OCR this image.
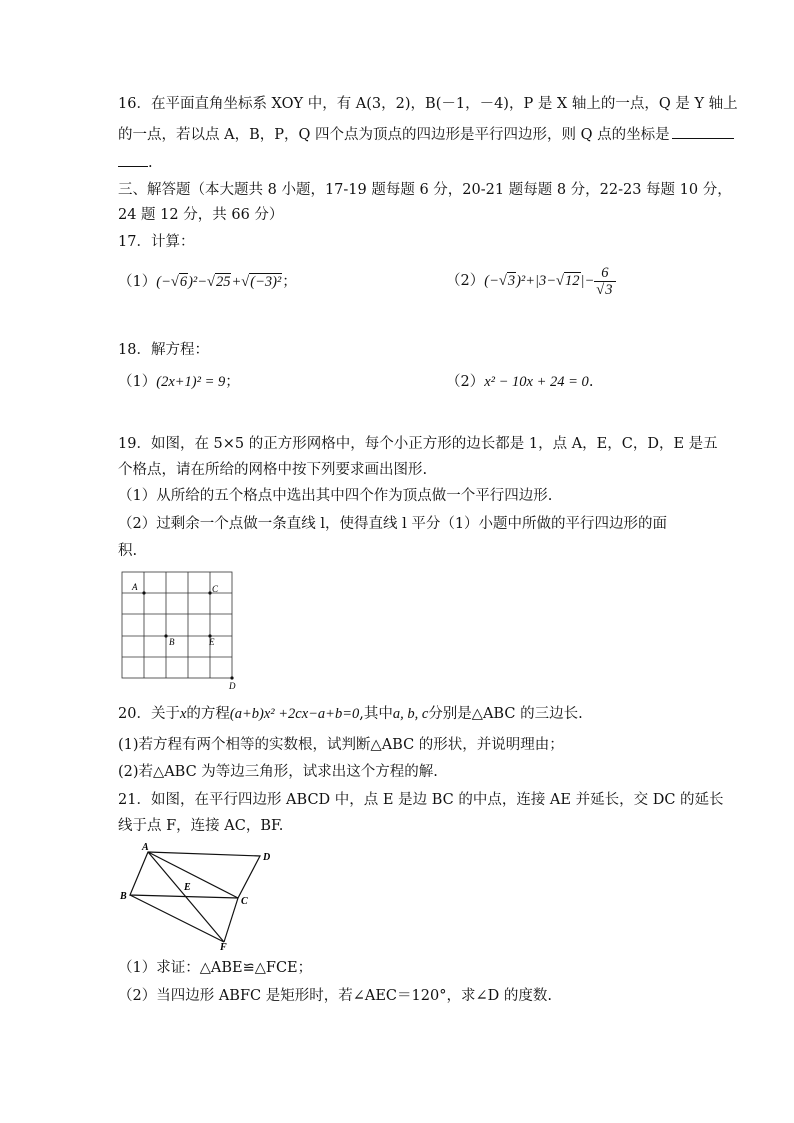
16．在平面直角坐标系 XOY 中，有 A(3，2)，B(－1，－4)，P 是 X 轴上的一点，Q 是 Y 轴上
的一点，若以点 A，B，P，Q 四个点为顶点的四边形是平行四边形，则 Q 点的坐标是
.
三、解答题（本大题共 8 小题，17-19 题每题 6 分，20-21 题每题 8 分，22-23 每题 10 分，
24 题 12 分，共 66 分）
17．计算：
（1）(−√6)²−√25+√(−3)²；	$(2)(-√3)^2+|3-√12|- \frac{6}{√3}$
18．解方程：
（1）(2x+1)² = 9；	（2）x² − 10x + 24 = 0.
19．如图，在 5×5 的正方形网格中，每个小正方形的边长都是 1，点 A，E，C，D，E 是五
个格点，请在所给的网格中按下列要求画出图形.
（1）从所给的五个格点中选出其中四个作为顶点做一个平行四边形.
（2）过剩余一个点做一条直线 l，使得直线 l 平分（1）小题中所做的平行四边形的面
积.
A	C
B	E
D
20．关于x的方程(a+b)x² +2cx−a+b=0,其中a, b, c分别是△ABC 的三边长.
(1)若方程有两个相等的实数根，试判断△ABC 的形状，并说明理由；
(2)若△ABC 为等边三角形，试求出这个方程的解.
21．如图，在平行四边形 ABCD 中，点 E 是边 BC 的中点，连接 AE 并延长，交 DC 的延长
线于点 F，连接 AC，BF.
A
D
B	C
E
F
（1）求证：△ABE≌△FCE；
（2）当四边形 ABFC 是矩形时，若∠AEC＝120°，求∠D 的度数.
